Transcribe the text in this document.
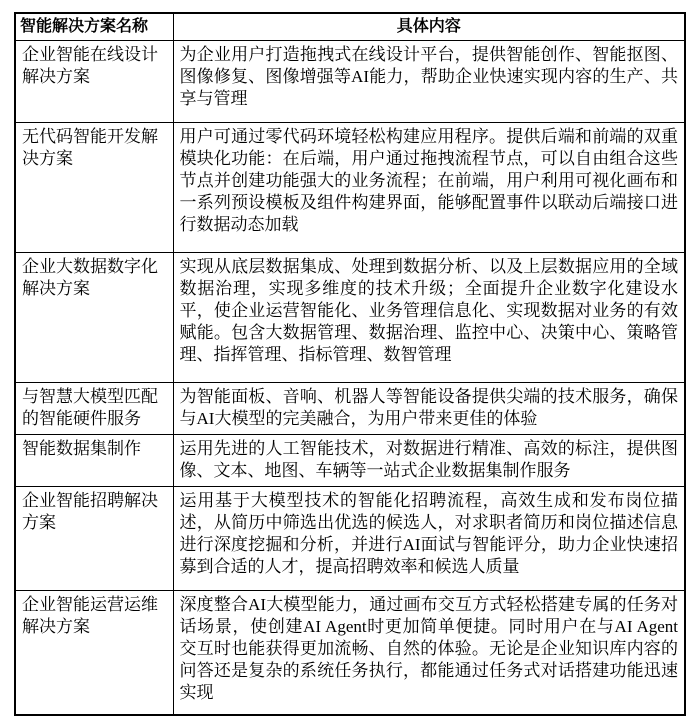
智能解决方案名称	具体内容
企业智能在线设计解决方案	为企业用户打造拖拽式在线设计平台，提供智能创作、智能抠图、图像修复、图像增强等AI能力，帮助企业快速实现内容的生产、共享与管理
无代码智能开发解决方案	用户可通过零代码环境轻松构建应用程序。提供后端和前端的双重模块化功能：在后端，用户通过拖拽流程节点，可以自由组合这些节点并创建功能强大的业务流程；在前端，用户利用可视化画布和一系列预设模板及组件构建界面，能够配置事件以联动后端接口进行数据动态加载
企业大数据数字化解决方案	实现从底层数据集成、处理到数据分析、以及上层数据应用的全域数据治理，实现多维度的技术升级；全面提升企业数字化建设水平，使企业运营智能化、业务管理信息化、实现数据对业务的有效赋能。包含大数据管理、数据治理、监控中心、决策中心、策略管理、指挥管理、指标管理、数智管理
与智慧大模型匹配的智能硬件服务	为智能面板、音响、机器人等智能设备提供尖端的技术服务，确保与AI大模型的完美融合，为用户带来更佳的体验
智能数据集制作	运用先进的人工智能技术，对数据进行精准、高效的标注，提供图像、文本、地图、车辆等一站式企业数据集制作服务
企业智能招聘解决方案	运用基于大模型技术的智能化招聘流程，高效生成和发布岗位描述，从简历中筛选出优选的候选人，对求职者简历和岗位描述信息进行深度挖掘和分析，并进行AI面试与智能评分，助力企业快速招募到合适的人才，提高招聘效率和候选人质量
企业智能运营运维解决方案	深度整合AI大模型能力，通过画布交互方式轻松搭建专属的任务对话场景，使创建AI Agent时更加简单便捷。同时用户在与AI Agent交互时也能获得更加流畅、自然的体验。无论是企业知识库内容的问答还是复杂的系统任务执行，都能通过任务式对话搭建功能迅速实现
